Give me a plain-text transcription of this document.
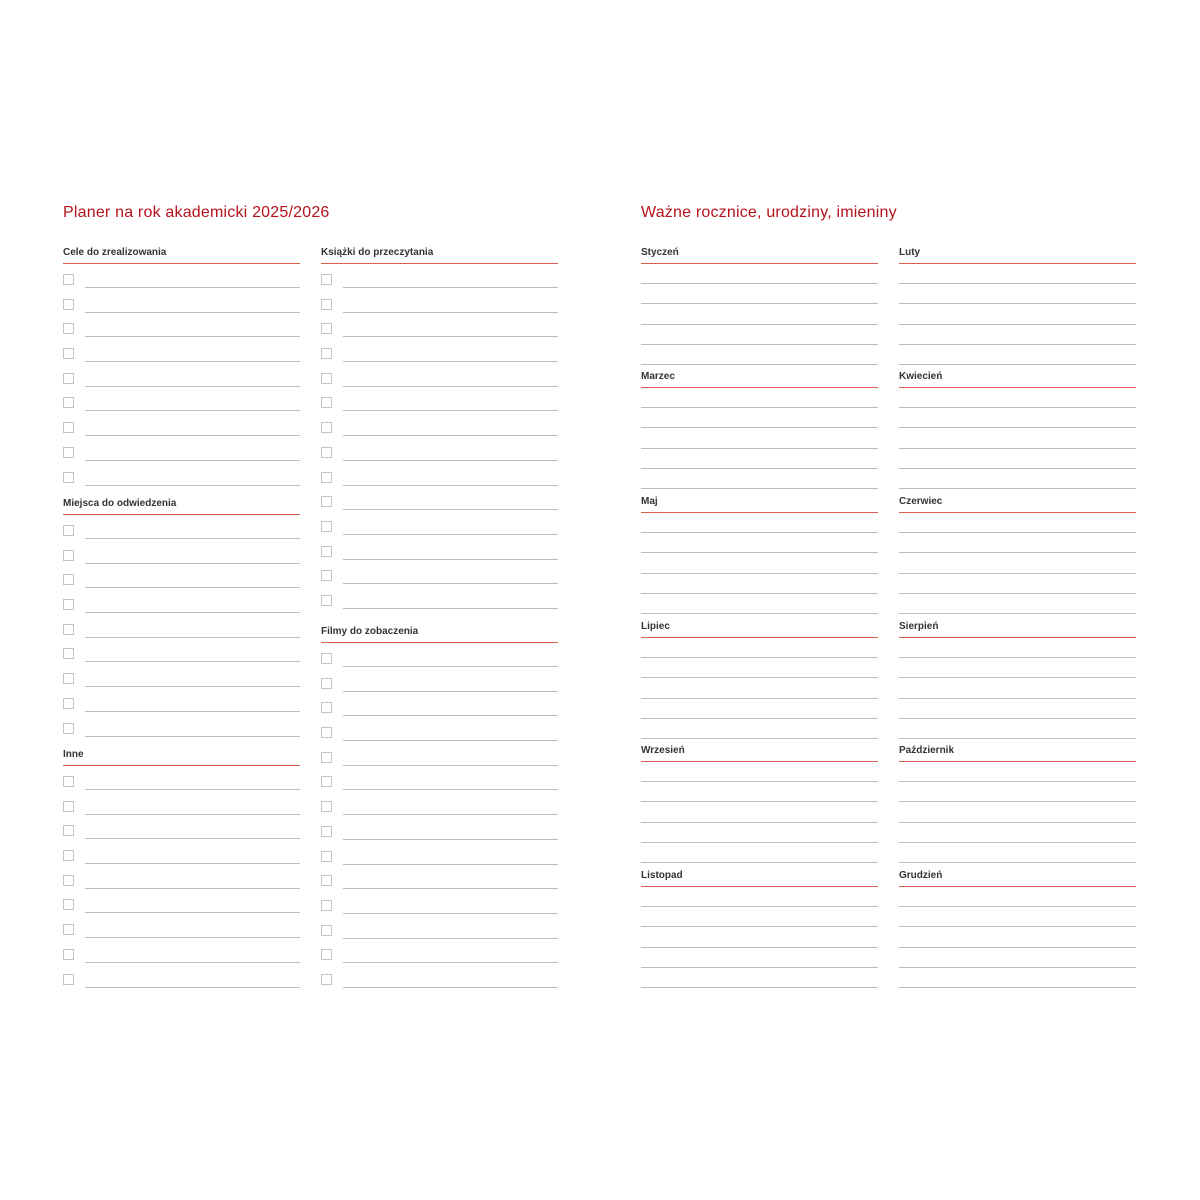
Planer na rok akademicki 2025/2026
Cele do zrealizowania
Miejsca do odwiedzenia
Inne
Książki do przeczytania
Filmy do zobaczenia
Ważne rocznice, urodziny, imieniny
Styczeń	Luty
Marzec	Kwiecień
Maj	Czerwiec
Lipiec	Sierpień
Wrzesień	Październik
Listopad	Grudzień
